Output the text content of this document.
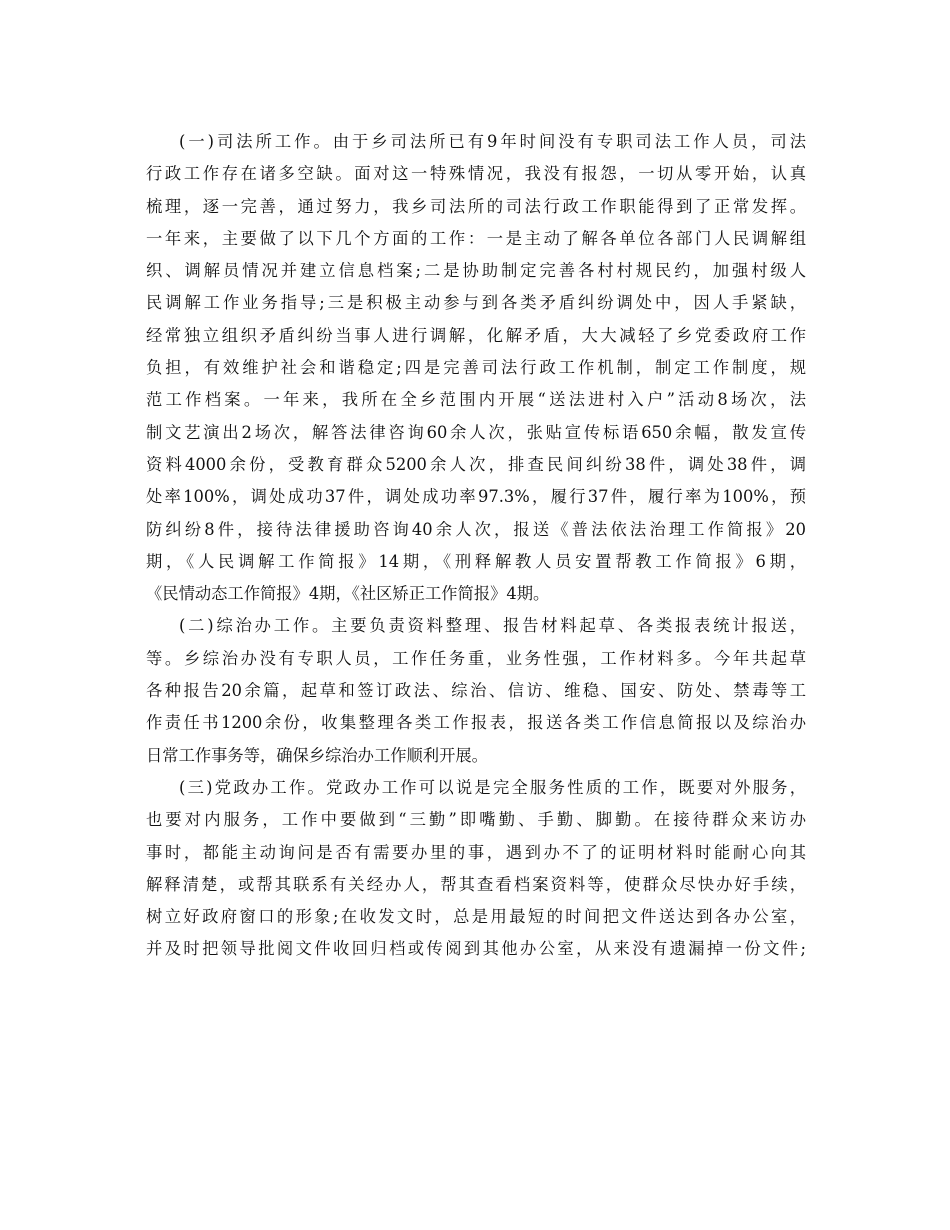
(一)司法所工作。由于乡司法所已有9年时间没有专职司法工作人员，司法
行政工作存在诸多空缺。面对这一特殊情况，我没有报怨，一切从零开始，认真
梳理，逐一完善，通过努力，我乡司法所的司法行政工作职能得到了正常发挥。
一年来，主要做了以下几个方面的工作：一是主动了解各单位各部门人民调解组
织、调解员情况并建立信息档案;二是协助制定完善各村村规民约，加强村级人
民调解工作业务指导;三是积极主动参与到各类矛盾纠纷调处中，因人手紧缺，
经常独立组织矛盾纠纷当事人进行调解，化解矛盾，大大减轻了乡党委政府工作
负担，有效维护社会和谐稳定;四是完善司法行政工作机制，制定工作制度，规
范工作档案。一年来，我所在全乡范围内开展“送法进村入户”活动8场次，法
制文艺演出2场次，解答法律咨询60余人次，张贴宣传标语650余幅，散发宣传
资料4000余份，受教育群众5200余人次，排查民间纠纷38件，调处38件，调
处率100%，调处成功37件，调处成功率97.3%，履行37件，履行率为100%，预
防纠纷8件，接待法律援助咨询40余人次，报送《普法依法治理工作简报》20
期，《人民调解工作简报》14期，《刑释解教人员安置帮教工作简报》6期，
《民情动态工作简报》4期，《社区矫正工作简报》4期。
(二)综治办工作。主要负责资料整理、报告材料起草、各类报表统计报送，
等。乡综治办没有专职人员，工作任务重，业务性强，工作材料多。今年共起草
各种报告20余篇，起草和签订政法、综治、信访、维稳、国安、防处、禁毒等工
作责任书1200余份，收集整理各类工作报表，报送各类工作信息简报以及综治办
日常工作事务等，确保乡综治办工作顺利开展。
(三)党政办工作。党政办工作可以说是完全服务性质的工作，既要对外服务，
也要对内服务，工作中要做到“三勤”即嘴勤、手勤、脚勤。在接待群众来访办
事时，都能主动询问是否有需要办里的事，遇到办不了的证明材料时能耐心向其
解释清楚，或帮其联系有关经办人，帮其查看档案资料等，使群众尽快办好手续，
树立好政府窗口的形象;在收发文时，总是用最短的时间把文件送达到各办公室，
并及时把领导批阅文件收回归档或传阅到其他办公室，从来没有遗漏掉一份文件;
